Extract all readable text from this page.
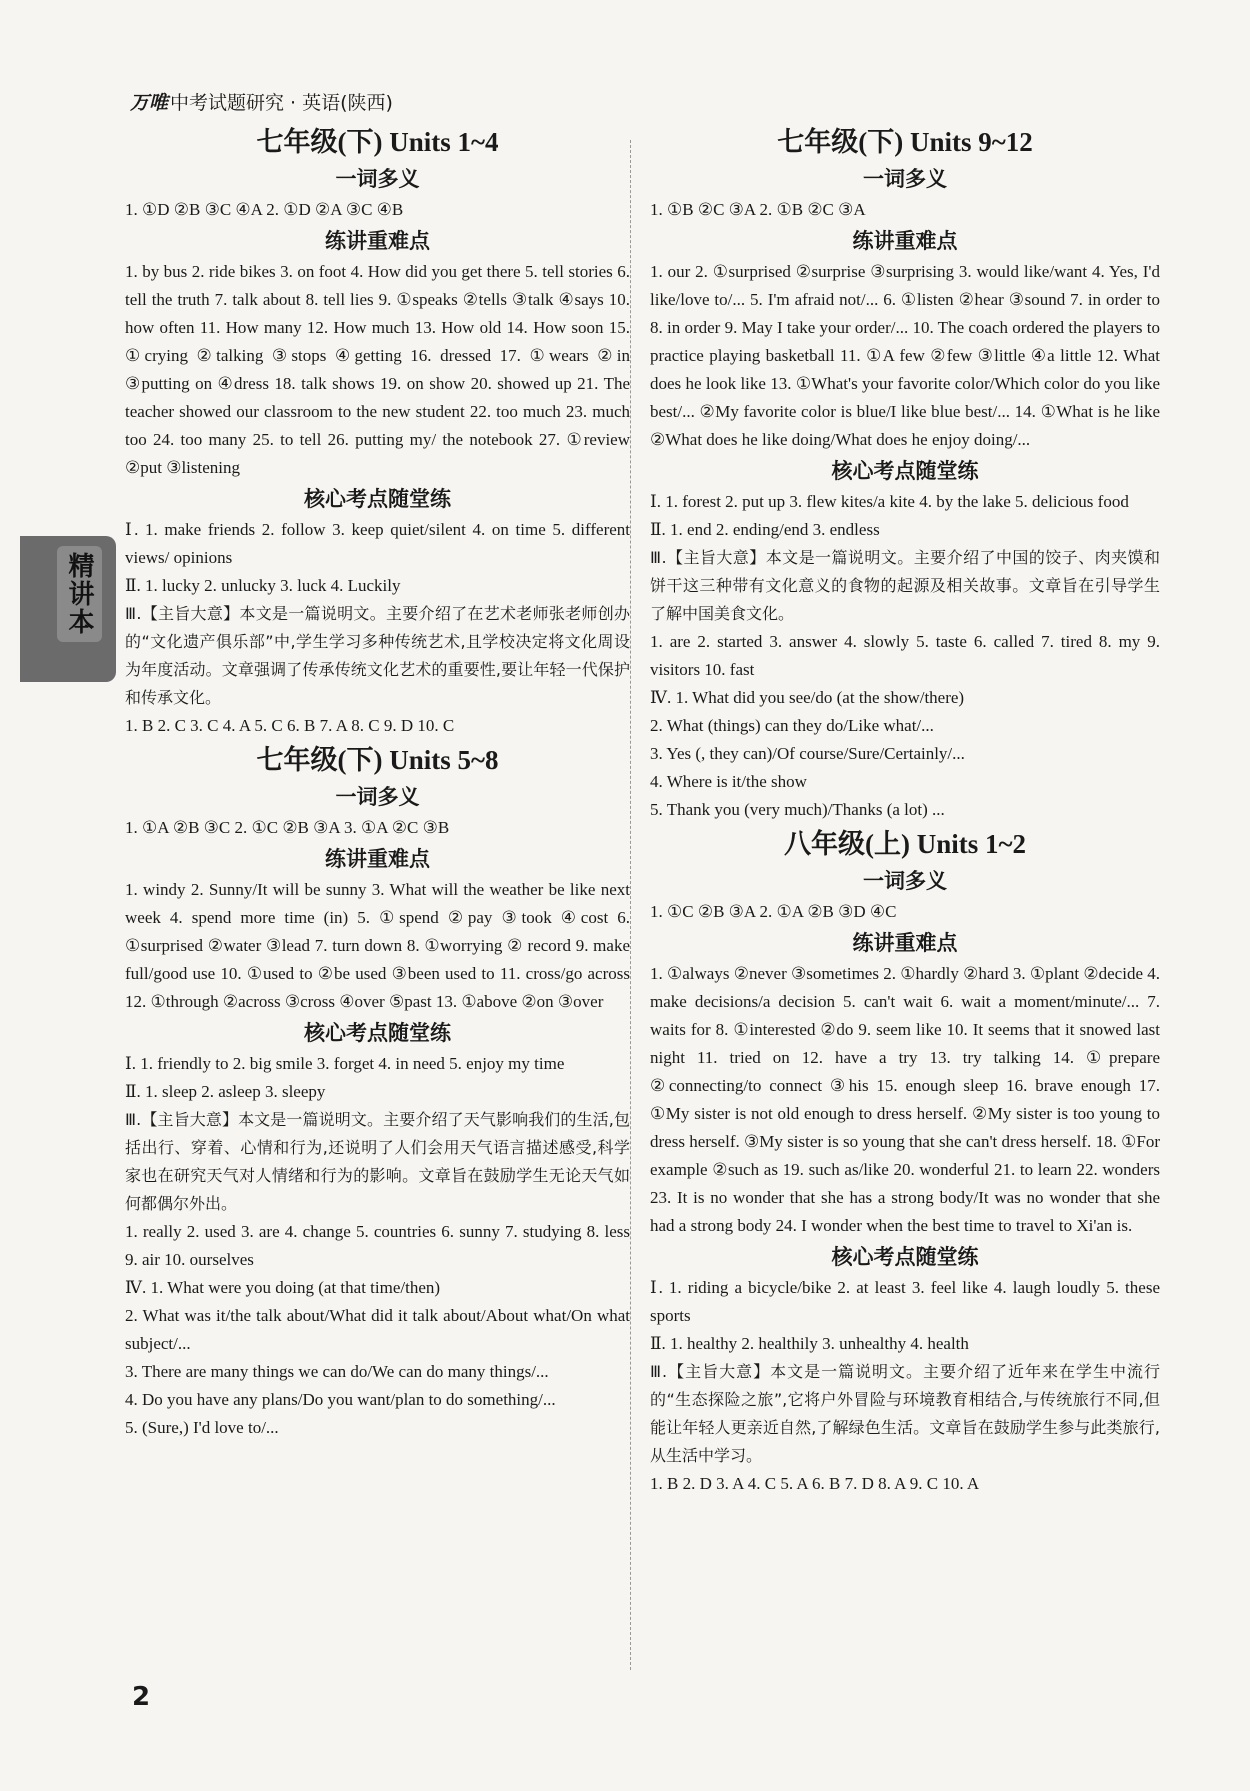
万唯 中考试题研究 · 英语(陕西)
精讲本
七年级(下) Units 1~4
一词多义
1. ①D ②B ③C ④A 2. ①D ②A ③C ④B
练讲重难点
1. by bus 2. ride bikes 3. on foot 4. How did you get there 5. tell stories 6. tell the truth 7. talk about 8. tell lies 9. ①speaks ②tells ③talk ④says 10. how often 11. How many 12. How much 13. How old 14. How soon 15. ①crying ②talking ③stops ④getting 16. dressed 17. ①wears ②in ③putting on ④dress 18. talk shows 19. on show 20. showed up 21. The teacher showed our classroom to the new student 22. too much 23. much too 24. too many 25. to tell 26. putting my/ the notebook 27. ①review ②put ③listening
核心考点随堂练
Ⅰ. 1. make friends 2. follow 3. keep quiet/silent 4. on time 5. different views/ opinions
Ⅱ. 1. lucky 2. unlucky 3. luck 4. Luckily
Ⅲ.【主旨大意】本文是一篇说明文。主要介绍了在艺术老师张老师创办的“文化遗产俱乐部”中,学生学习多种传统艺术,且学校决定将文化周设为年度活动。文章强调了传承传统文化艺术的重要性,要让年轻一代保护和传承文化。
1. B 2. C 3. C 4. A 5. C 6. B 7. A 8. C 9. D 10. C
七年级(下) Units 5~8
一词多义
1. ①A ②B ③C 2. ①C ②B ③A 3. ①A ②C ③B
练讲重难点
1. windy 2. Sunny/It will be sunny 3. What will the weather be like next week 4. spend more time (in) 5. ①spend ②pay ③took ④cost 6. ①surprised ②water ③lead 7. turn down 8. ①worrying ② record 9. make full/good use 10. ①used to ②be used ③been used to 11. cross/go across 12. ①through ②across ③cross ④over ⑤past 13. ①above ②on ③over
核心考点随堂练
Ⅰ. 1. friendly to 2. big smile 3. forget 4. in need 5. enjoy my time
Ⅱ. 1. sleep 2. asleep 3. sleepy
Ⅲ.【主旨大意】本文是一篇说明文。主要介绍了天气影响我们的生活,包括出行、穿着、心情和行为,还说明了人们会用天气语言描述感受,科学家也在研究天气对人情绪和行为的影响。文章旨在鼓励学生无论天气如何都偶尔外出。
1. really 2. used 3. are 4. change 5. countries 6. sunny 7. studying 8. less 9. air 10. ourselves
Ⅳ. 1. What were you doing (at that time/then)
2. What was it/the talk about/What did it talk about/About what/On what subject/...
3. There are many things we can do/We can do many things/...
4. Do you have any plans/Do you want/plan to do something/...
5. (Sure,) I'd love to/...
七年级(下) Units 9~12
一词多义
1. ①B ②C ③A 2. ①B ②C ③A
练讲重难点
1. our 2. ①surprised ②surprise ③surprising 3. would like/want 4. Yes, I'd like/love to/... 5. I'm afraid not/... 6. ①listen ②hear ③sound 7. in order to 8. in order 9. May I take your order/... 10. The coach ordered the players to practice playing basketball 11. ①A few ②few ③little ④a little 12. What does he look like 13. ①What's your favorite color/Which color do you like best/... ②My favorite color is blue/I like blue best/... 14. ①What is he like ②What does he like doing/What does he enjoy doing/...
核心考点随堂练
Ⅰ. 1. forest 2. put up 3. flew kites/a kite 4. by the lake 5. delicious food
Ⅱ. 1. end 2. ending/end 3. endless
Ⅲ.【主旨大意】本文是一篇说明文。主要介绍了中国的饺子、肉夹馍和饼干这三种带有文化意义的食物的起源及相关故事。文章旨在引导学生了解中国美食文化。
1. are 2. started 3. answer 4. slowly 5. taste 6. called 7. tired 8. my 9. visitors 10. fast
Ⅳ. 1. What did you see/do (at the show/there)
2. What (things) can they do/Like what/...
3. Yes (, they can)/Of course/Sure/Certainly/...
4. Where is it/the show
5. Thank you (very much)/Thanks (a lot) ...
八年级(上) Units 1~2
一词多义
1. ①C ②B ③A 2. ①A ②B ③D ④C
练讲重难点
1. ①always ②never ③sometimes 2. ①hardly ②hard 3. ①plant ②decide 4. make decisions/a decision 5. can't wait 6. wait a moment/minute/... 7. waits for 8. ①interested ②do 9. seem like 10. It seems that it snowed last night 11. tried on 12. have a try 13. try talking 14. ①prepare ②connecting/to connect ③his 15. enough sleep 16. brave enough 17. ①My sister is not old enough to dress herself. ②My sister is too young to dress herself. ③My sister is so young that she can't dress herself. 18. ①For example ②such as 19. such as/like 20. wonderful 21. to learn 22. wonders 23. It is no wonder that she has a strong body/It was no wonder that she had a strong body 24. I wonder when the best time to travel to Xi'an is.
核心考点随堂练
Ⅰ. 1. riding a bicycle/bike 2. at least 3. feel like 4. laugh loudly 5. these sports
Ⅱ. 1. healthy 2. healthily 3. unhealthy 4. health
Ⅲ.【主旨大意】本文是一篇说明文。主要介绍了近年来在学生中流行的“生态探险之旅”,它将户外冒险与环境教育相结合,与传统旅行不同,但能让年轻人更亲近自然,了解绿色生活。文章旨在鼓励学生参与此类旅行,从生活中学习。
1. B 2. D 3. A 4. C 5. A 6. B 7. D 8. A 9. C 10. A
2
